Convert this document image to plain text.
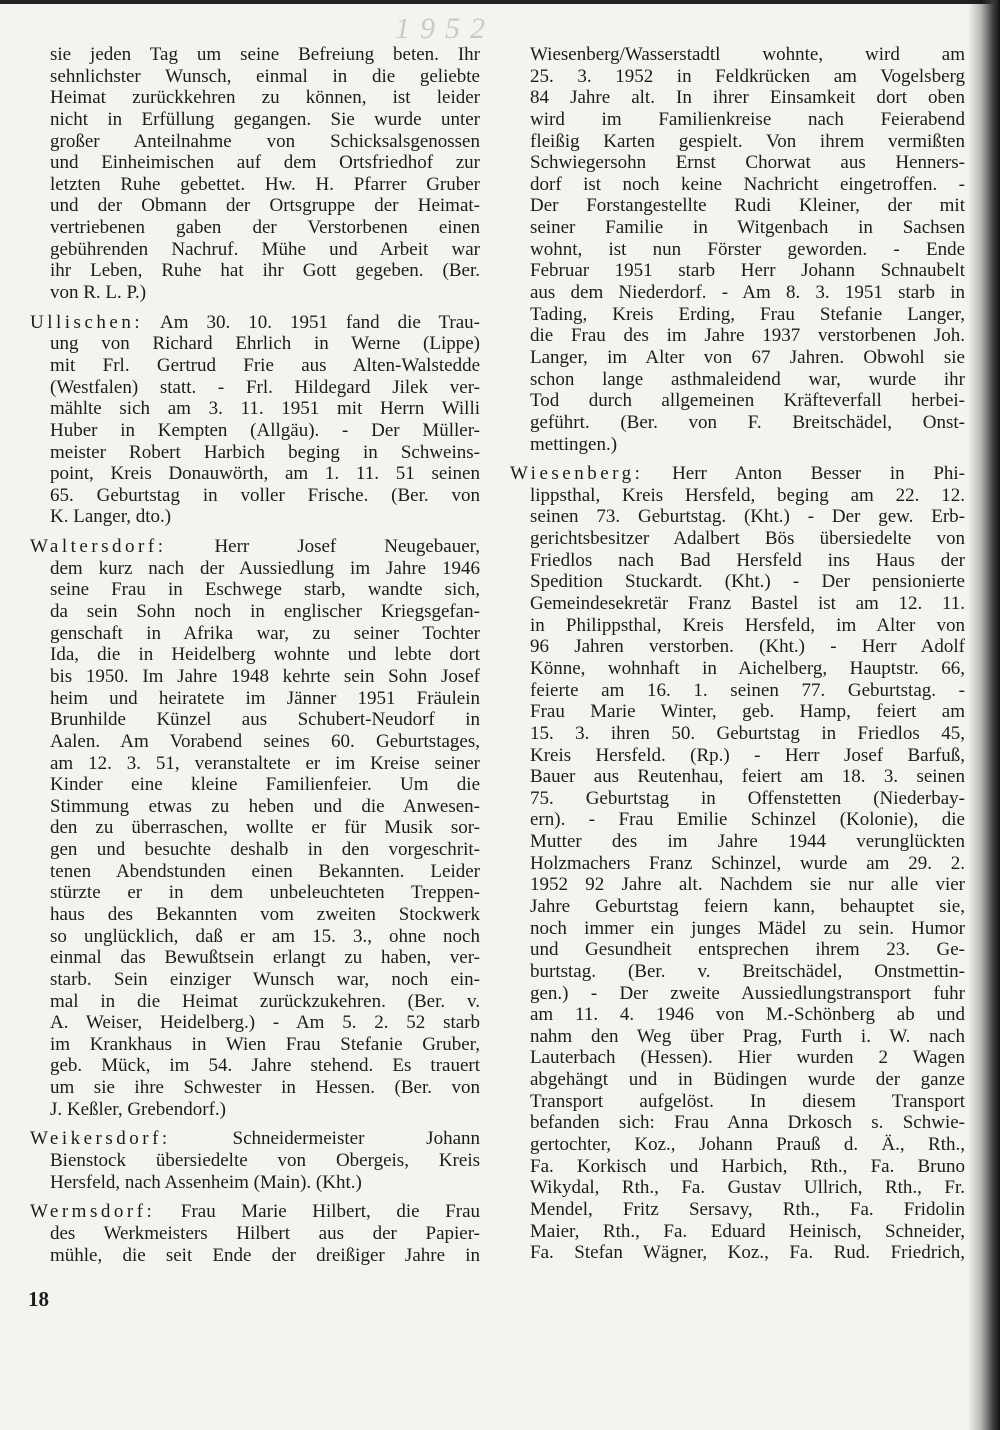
1952
sie jeden Tag um seine Befreiung beten. Ihr
sehnlichster Wunsch, einmal in die geliebte
Heimat zurückkehren zu können, ist leider
nicht in Erfüllung gegangen. Sie wurde unter
großer Anteilnahme von Schicksalsgenossen
und Einheimischen auf dem Ortsfriedhof zur
letzten Ruhe gebettet. Hw. H. Pfarrer Gruber
und der Obmann der Ortsgruppe der Heimat-
vertriebenen gaben der Verstorbenen einen
gebührenden Nachruf. Mühe und Arbeit war
ihr Leben, Ruhe hat ihr Gott gegeben. (Ber.
von R. L. P.)
Ullischen: Am 30. 10. 1951 fand die Trau-
ung von Richard Ehrlich in Werne (Lippe)
mit Frl. Gertrud Frie aus Alten-Walstedde
(Westfalen) statt. - Frl. Hildegard Jilek ver-
mählte sich am 3. 11. 1951 mit Herrn Willi
Huber in Kempten (Allgäu). - Der Müller-
meister Robert Harbich beging in Schweins-
point, Kreis Donauwörth, am 1. 11. 51 seinen
65. Geburtstag in voller Frische. (Ber. von
K. Langer, dto.)
Waltersdorf:	Herr Josef Neugebauer,
dem kurz nach der Aussiedlung im Jahre 1946
seine Frau in Eschwege starb, wandte sich,
da sein Sohn noch in englischer Kriegsgefan-
genschaft in Afrika war, zu seiner Tochter
Ida, die in Heidelberg wohnte und lebte dort
bis 1950. Im Jahre 1948 kehrte sein Sohn Josef
heim und heiratete im Jänner 1951 Fräulein
Brunhilde Künzel aus Schubert-Neudorf in
Aalen. Am Vorabend seines 60. Geburtstages,
am 12. 3. 51, veranstaltete er im Kreise seiner
Kinder eine kleine Familienfeier. Um die
Stimmung etwas zu heben und die Anwesen-
den zu überraschen, wollte er für Musik sor-
gen und besuchte deshalb in den vorgeschrit-
tenen Abendstunden einen Bekannten. Leider
stürzte er in dem unbeleuchteten Treppen-
haus des Bekannten vom zweiten Stockwerk
so unglücklich, daß er am 15. 3., ohne noch
einmal das Bewußtsein erlangt zu haben, ver-
starb. Sein einziger Wunsch war, noch ein-
mal in die Heimat zurückzukehren. (Ber. v.
A. Weiser, Heidelberg.) - Am 5. 2. 52 starb
im Krankhaus in Wien Frau Stefanie Gruber,
geb. Mück, im 54. Jahre stehend. Es trauert
um sie ihre Schwester in Hessen. (Ber. von
J. Keßler, Grebendorf.)
Weikersdorf:	Schneidermeister Johann
Bienstock übersiedelte von Obergeis, Kreis
Hersfeld, nach Assenheim (Main). (Kht.)
Wermsdorf: Frau Marie Hilbert, die Frau
des Werkmeisters Hilbert aus der Papier-
mühle, die seit Ende der dreißiger Jahre in
Wiesenberg/Wasserstadtl wohnte, wird am
25. 3. 1952 in Feldkrücken am Vogelsberg
84 Jahre alt. In ihrer Einsamkeit dort oben
wird im Familienkreise nach Feierabend
fleißig Karten gespielt. Von ihrem vermißten
Schwiegersohn Ernst Chorwat aus Henners-
dorf ist noch keine Nachricht eingetroffen. -
Der Forstangestellte Rudi Kleiner, der mit
seiner Familie in Witgenbach in Sachsen
wohnt, ist nun Förster geworden. - Ende
Februar 1951 starb Herr Johann Schnaubelt
aus dem Niederdorf. - Am 8. 3. 1951 starb in
Tading, Kreis Erding, Frau Stefanie Langer,
die Frau des im Jahre 1937 verstorbenen Joh.
Langer, im Alter von 67 Jahren. Obwohl sie
schon lange asthmaleidend war, wurde ihr
Tod durch allgemeinen Kräfteverfall herbei-
geführt. (Ber. von F. Breitschädel, Onst-
mettingen.)
Wiesenberg: Herr Anton Besser in Phi-
lippsthal, Kreis Hersfeld, beging am 22. 12.
seinen 73. Geburtstag. (Kht.) - Der gew. Erb-
gerichtsbesitzer Adalbert Bös übersiedelte von
Friedlos nach Bad Hersfeld ins Haus der
Spedition Stuckardt. (Kht.) - Der pensionierte
Gemeindesekretär Franz Bastel ist am 12. 11.
in Philippsthal, Kreis Hersfeld, im Alter von
96 Jahren verstorben. (Kht.) - Herr Adolf
Könne, wohnhaft in Aichelberg, Hauptstr. 66,
feierte am 16. 1. seinen 77. Geburtstag. -
Frau Marie Winter, geb. Hamp, feiert am
15. 3. ihren 50. Geburtstag in Friedlos 45,
Kreis Hersfeld. (Rp.) - Herr Josef Barfuß,
Bauer aus Reutenhau, feiert am 18. 3. seinen
75. Geburtstag in Offenstetten (Niederbay-
ern). - Frau Emilie Schinzel (Kolonie), die
Mutter des im Jahre 1944 verunglückten
Holzmachers Franz Schinzel, wurde am 29. 2.
1952 92 Jahre alt. Nachdem sie nur alle vier
Jahre Geburtstag feiern kann, behauptet sie,
noch immer ein junges Mädel zu sein. Humor
und Gesundheit entsprechen ihrem 23. Ge-
burtstag. (Ber. v. Breitschädel, Onstmettin-
gen.) - Der zweite Aussiedlungstransport fuhr
am 11. 4. 1946 von M.-Schönberg ab und
nahm den Weg über Prag, Furth i. W. nach
Lauterbach (Hessen). Hier wurden 2 Wagen
abgehängt und in Büdingen wurde der ganze
Transport aufgelöst. In diesem Transport
befanden sich: Frau Anna Drkosch s. Schwie-
gertochter, Koz., Johann Prauß d. Ä., Rth.,
Fa. Korkisch und Harbich, Rth., Fa. Bruno
Wikydal, Rth., Fa. Gustav Ullrich, Rth., Fr.
Mendel, Fritz Sersavy, Rth., Fa. Fridolin
Maier, Rth., Fa. Eduard Heinisch, Schneider,
Fa. Stefan Wägner, Koz., Fa. Rud. Friedrich,
18
